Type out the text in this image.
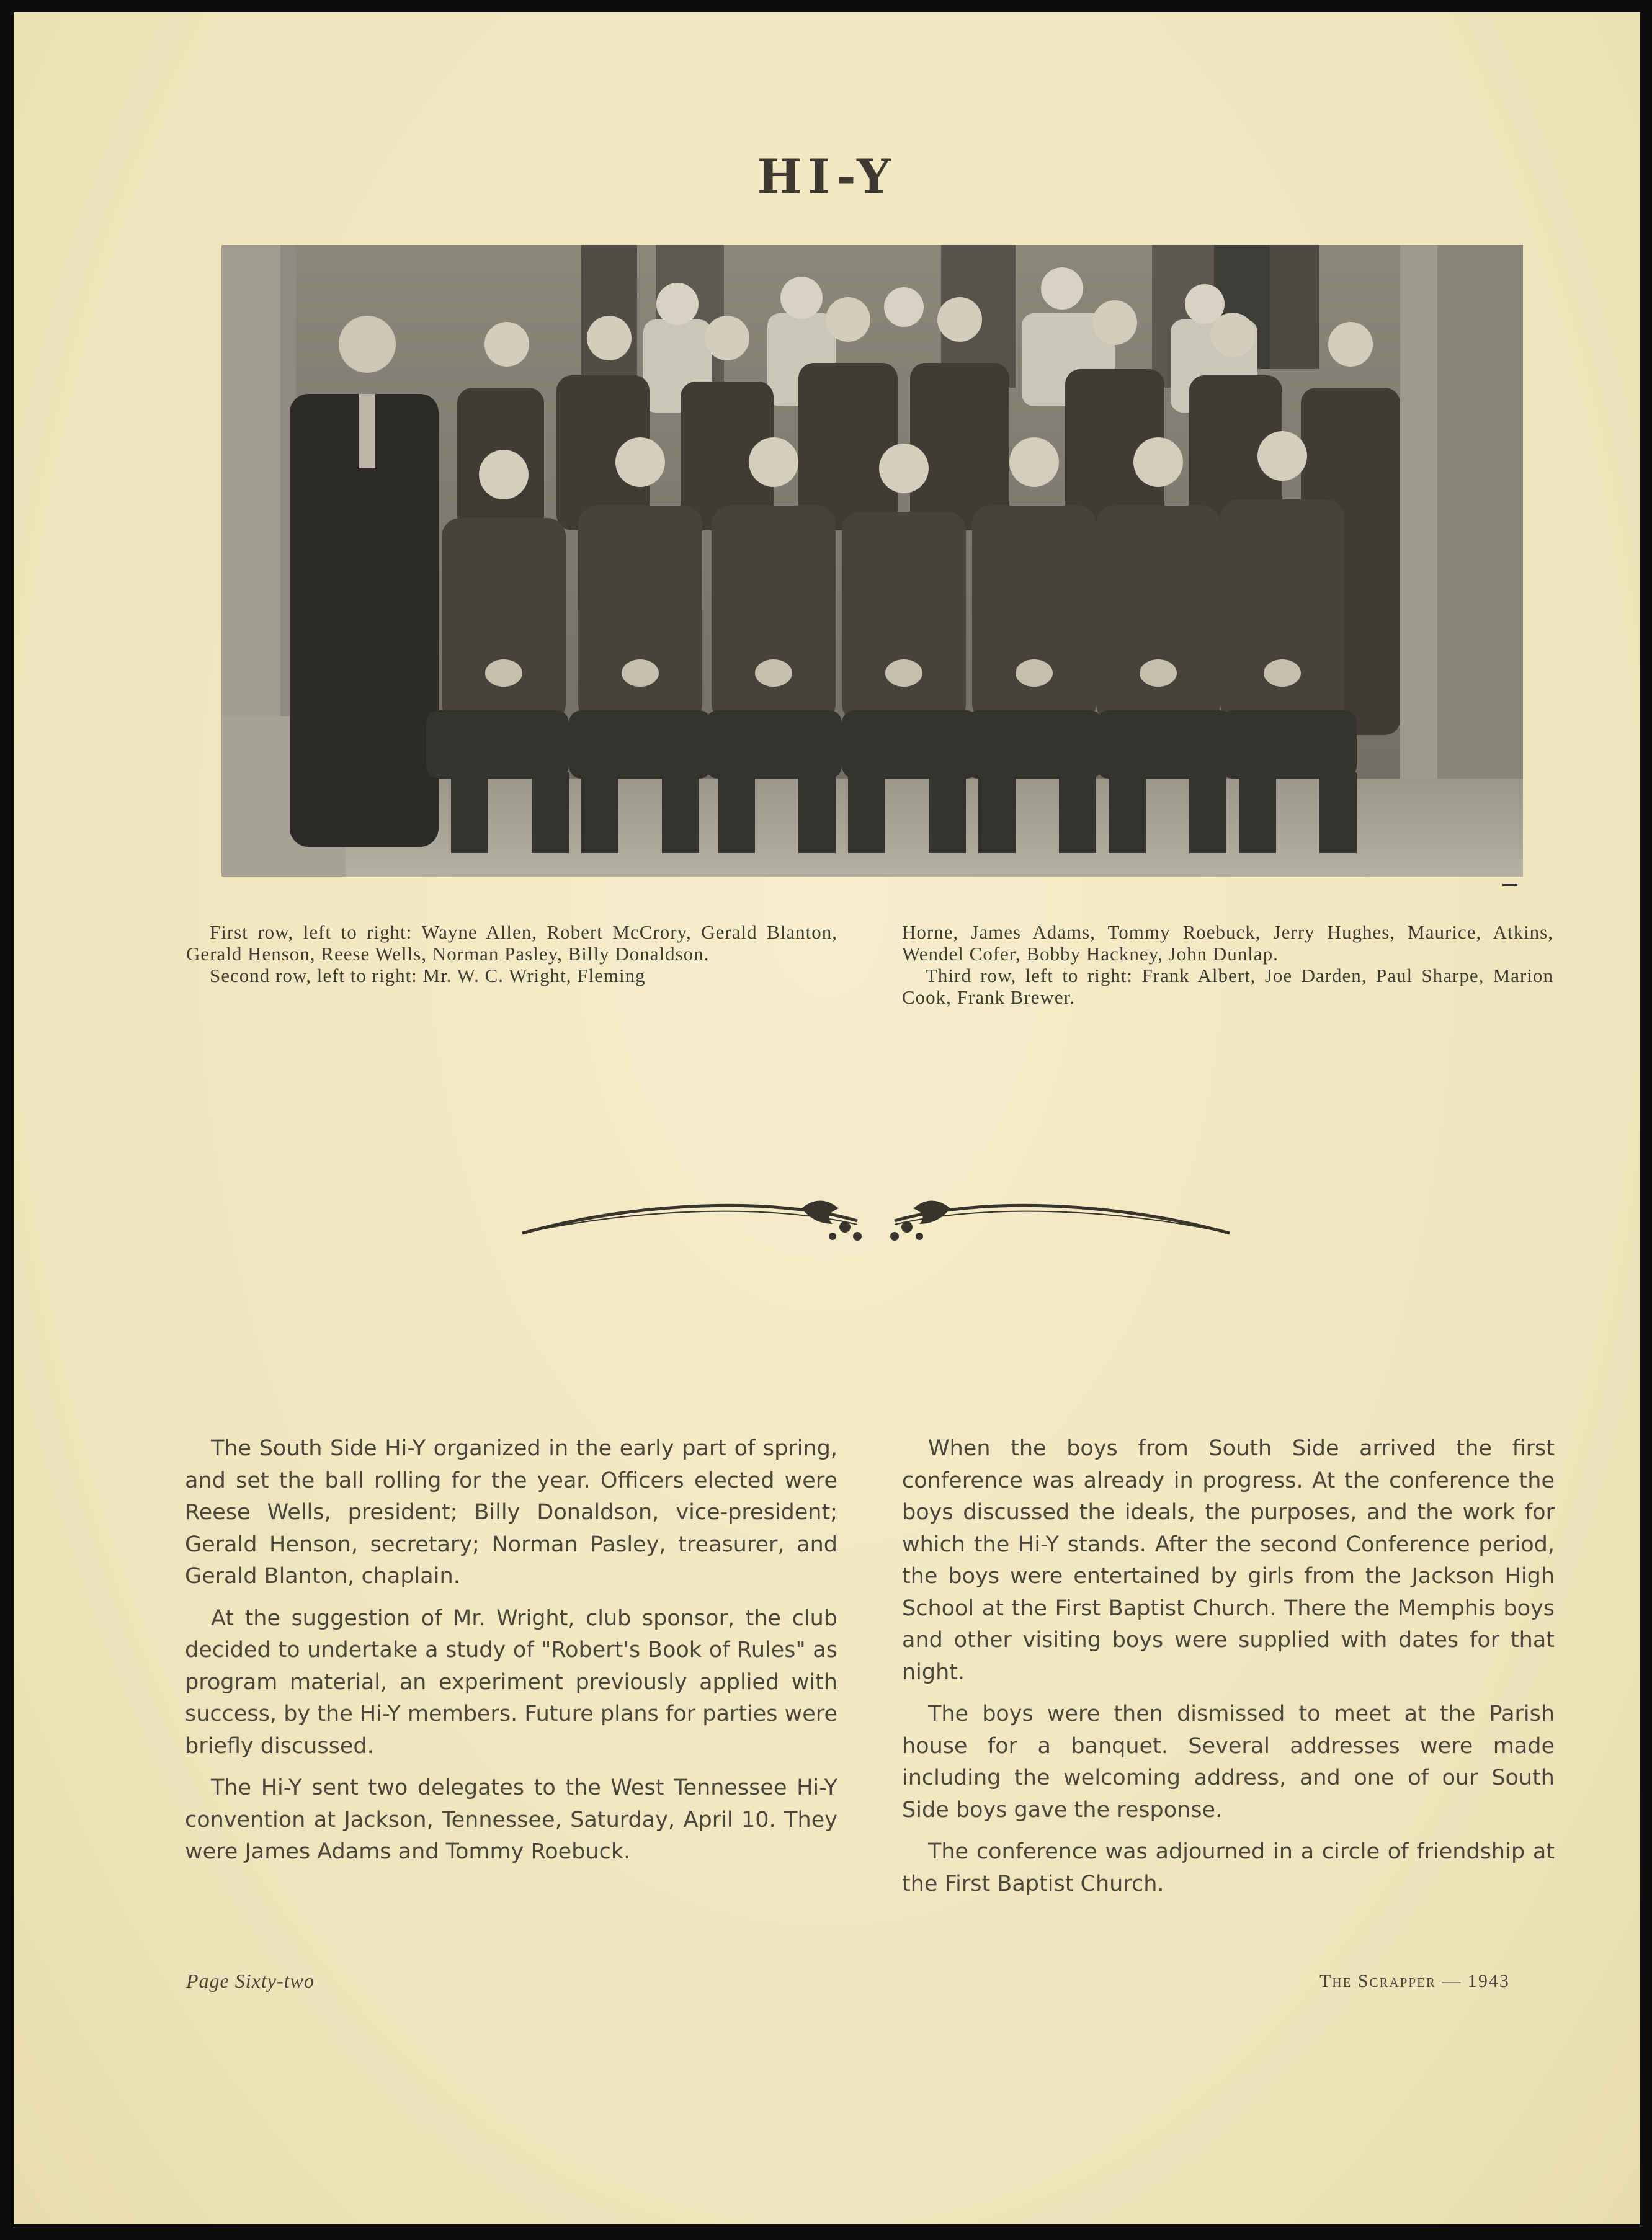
HI-Y

First row, left to right: Wayne Allen, Robert McCrory, Gerald Blanton, Gerald Henson, Reese Wells, Norman Pasley, Billy Donaldson.

Second row, left to right: Mr. W. C. Wright, Fleming

Horne, James Adams, Tommy Roebuck, Jerry Hughes, Maurice, Atkins, Wendel Cofer, Bobby Hackney, John Dunlap.

Third row, left to right: Frank Albert, Joe Darden, Paul Sharpe, Marion Cook, Frank Brewer.

The South Side Hi-Y organized in the early part of spring, and set the ball rolling for the year. Officers elected were Reese Wells, president; Billy Donaldson, vice-president; Gerald Henson, secretary; Norman Pasley, treasurer, and Gerald Blanton, chaplain.

At the suggestion of Mr. Wright, club sponsor, the club decided to undertake a study of "Robert's Book of Rules" as program material, an experiment previously applied with success, by the Hi-Y members. Future plans for parties were briefly discussed.

The Hi-Y sent two delegates to the West Tennessee Hi-Y convention at Jackson, Tennessee, Saturday, April 10. They were James Adams and Tommy Roebuck.

When the boys from South Side arrived the first conference was already in progress. At the conference the boys discussed the ideals, the purposes, and the work for which the Hi-Y stands. After the second Conference period, the boys were entertained by girls from the Jackson High School at the First Baptist Church. There the Memphis boys and other visiting boys were supplied with dates for that night.

The boys were then dismissed to meet at the Parish house for a banquet. Several addresses were made including the welcoming address, and one of our South Side boys gave the response.

The conference was adjourned in a circle of friendship at the First Baptist Church.

Page Sixty-two	The Scrapper — 1943
